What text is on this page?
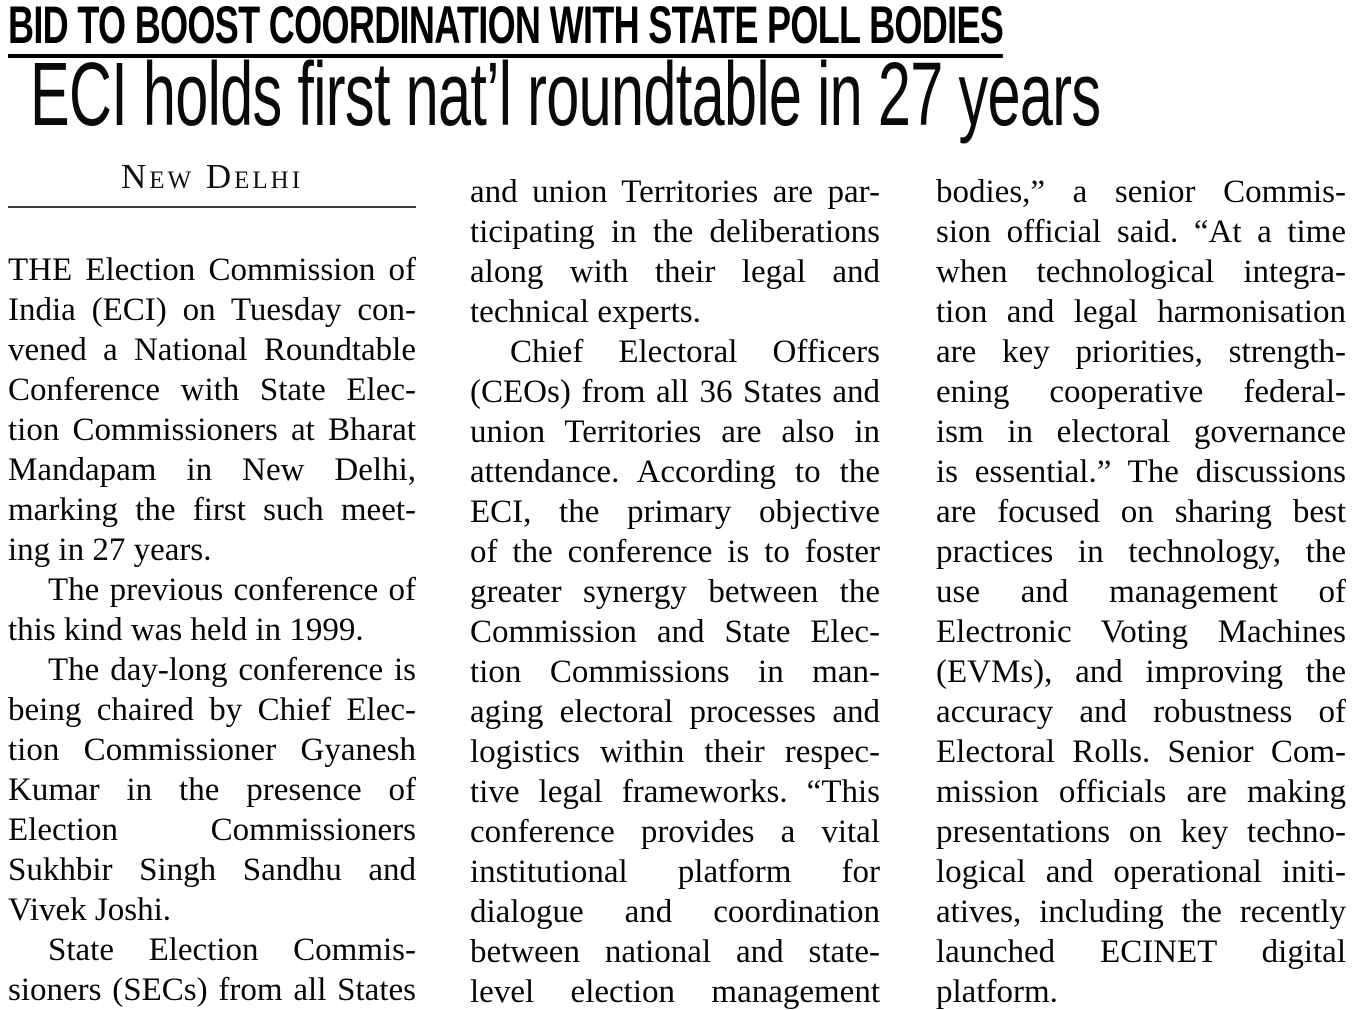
BID TO BOOST COORDINATION WITH STATE POLL BODIES
ECI holds first nat’l roundtable in 27 years
New Delhi
THE Election Commission of
India (ECI) on Tuesday con-
vened a National Roundtable
Conference with State Elec-
tion Commissioners at Bharat
Mandapam in New Delhi,
marking the first such meet-
ing in 27 years.
The previous conference of
this kind was held in 1999.
The day-long conference is
being chaired by Chief Elec-
tion Commissioner Gyanesh
Kumar in the presence of
Election Commissioners
Sukhbir Singh Sandhu and
Vivek Joshi.
State Election Commis-
sioners (SECs) from all States
and union Territories are par-
ticipating in the deliberations
along with their legal and
technical experts.
Chief Electoral Officers
(CEOs) from all 36 States and
union Territories are also in
attendance. According to the
ECI, the primary objective
of the conference is to foster
greater synergy between the
Commission and State Elec-
tion Commissions in man-
aging electoral processes and
logistics within their respec-
tive legal frameworks. “This
conference provides a vital
institutional platform for
dialogue and coordination
between national and state-
level election management
bodies,” a senior Commis-
sion official said. “At a time
when technological integra-
tion and legal harmonisation
are key priorities, strength-
ening cooperative federal-
ism in electoral governance
is essential.” The discussions
are focused on sharing best
practices in technology, the
use and management of
Electronic Voting Machines
(EVMs), and improving the
accuracy and robustness of
Electoral Rolls. Senior Com-
mission officials are making
presentations on key techno-
logical and operational initi-
atives, including the recently
launched ECINET digital
platform.
